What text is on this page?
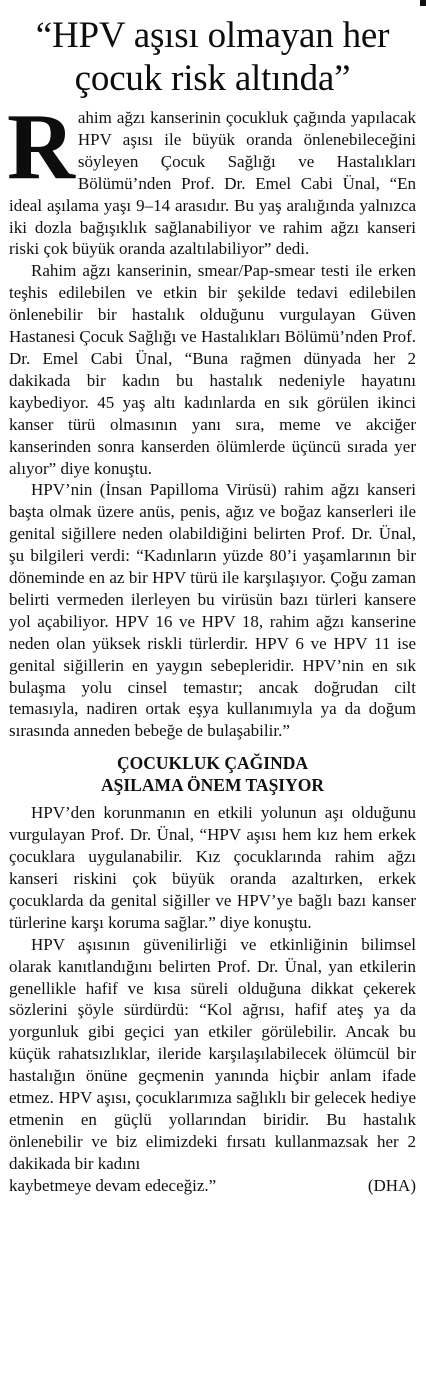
“HPV aşısı olmayan her çocuk risk altında”

Rahim ağzı kanserinin çocukluk çağında yapılacak HPV aşısı ile büyük oranda önlenebileceğini söyleyen Çocuk Sağlığı ve Hastalıkları Bölümü’nden Prof. Dr. Emel Cabi Ünal, “En ideal aşılama yaşı 9–14 arasıdır. Bu yaş aralığında yalnızca iki dozla bağışıklık sağlanabiliyor ve rahim ağzı kanseri riski çok büyük oranda azaltılabiliyor” dedi.

Rahim ağzı kanserinin, smear/Pap-smear testi ile erken teşhis edilebilen ve etkin bir şekilde tedavi edilebilen önlenebilir bir hastalık olduğunu vurgulayan Güven Hastanesi Çocuk Sağlığı ve Hastalıkları Bölümü’nden Prof. Dr. Emel Cabi Ünal, “Buna rağmen dünyada her 2 dakikada bir kadın bu hastalık nedeniyle hayatını kaybediyor. 45 yaş altı kadınlarda en sık görülen ikinci kanser türü olmasının yanı sıra, meme ve akciğer kanserinden sonra kanserden ölümlerde üçüncü sırada yer alıyor” diye konuştu.

HPV’nin (İnsan Papilloma Virüsü) rahim ağzı kanseri başta olmak üzere anüs, penis, ağız ve boğaz kanserleri ile genital siğillere neden olabildiğini belirten Prof. Dr. Ünal, şu bilgileri verdi: “Kadınların yüzde 80’i yaşamlarının bir döneminde en az bir HPV türü ile karşılaşıyor. Çoğu zaman belirti vermeden ilerleyen bu virüsün bazı türleri kansere yol açabiliyor. HPV 16 ve HPV 18, rahim ağzı kanserine neden olan yüksek riskli türlerdir. HPV 6 ve HPV 11 ise genital siğillerin en yaygın sebepleridir. HPV’nin en sık bulaşma yolu cinsel temastır; ancak doğrudan cilt temasıyla, nadiren ortak eşya kullanımıyla ya da doğum sırasında anneden bebeğe de bulaşabilir.”

ÇOCUKLUK ÇAĞINDA
AŞILAMA ÖNEM TAŞIYOR

HPV’den korunmanın en etkili yolunun aşı olduğunu vurgulayan Prof. Dr. Ünal, “HPV aşısı hem kız hem erkek çocuklara uygulanabilir. Kız çocuklarında rahim ağzı kanseri riskini çok büyük oranda azaltırken, erkek çocuklarda da genital siğiller ve HPV’ye bağlı bazı kanser türlerine karşı koruma sağlar.” diye konuştu.

HPV aşısının güvenilirliği ve etkinliğinin bilimsel olarak kanıtlandığını belirten Prof. Dr. Ünal, yan etkilerin genellikle hafif ve kısa süreli olduğuna dikkat çekerek sözlerini şöyle sürdürdü: “Kol ağrısı, hafif ateş ya da yorgunluk gibi geçici yan etkiler görülebilir. Ancak bu küçük rahatsızlıklar, ileride karşılaşılabilecek ölümcül bir hastalığın önüne geçmenin yanında hiçbir anlam ifade etmez. HPV aşısı, çocuklarımıza sağlıklı bir gelecek hediye etmenin en güçlü yollarından biridir. Bu hastalık önlenebilir ve biz elimizdeki fırsatı kullanmazsak her 2 dakikada bir kadını

kaybetmeye devam edeceğiz.”	(DHA)
